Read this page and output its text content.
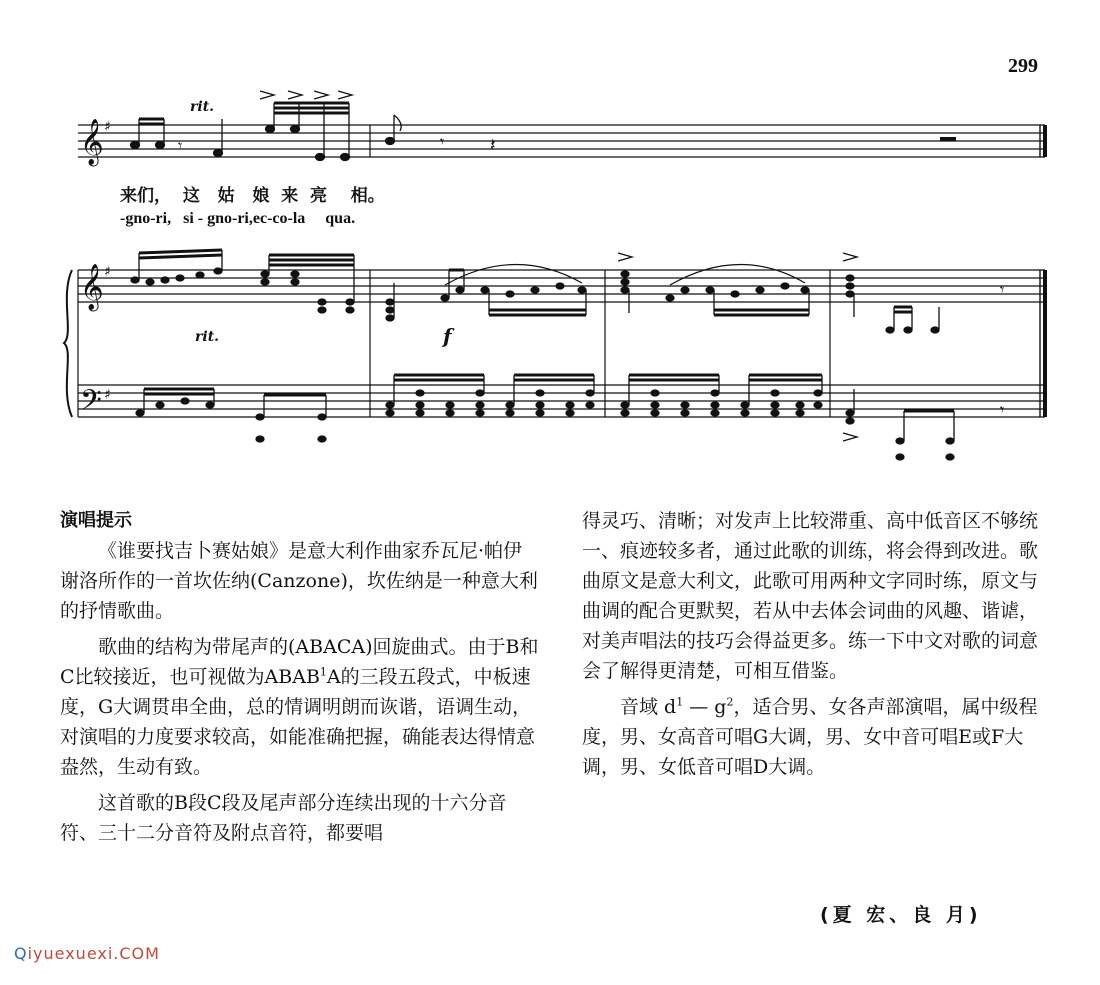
299
𝄞
𝄞
𝄢
♯
♯
♯
rit.
rit.	f
𝄾	𝄾	𝄽
𝄾
𝄾
来们，  这   姑   娘  来  亮    相。
-gno-ri,   si - gno-ri,ec-co-la     qua.
演唱提示

《谁要找吉卜赛姑娘》是意大利作曲家乔瓦尼·帕伊谢洛所作的一首坎佐纳(Canzone)，坎佐纳是一种意大利的抒情歌曲。

歌曲的结构为带尾声的(ABACA)回旋曲式。由于B和C比较接近，也可视做为ABAB$^1$A的三段五段式，中板速度，G大调贯串全曲，总的情调明朗而诙谐，语调生动，对演唱的力度要求较高，如能准确把握，确能表达得情意盎然，生动有致。

这首歌的B段C段及尾声部分连续出现的十六分音符、三十二分音符及附点音符，都要唱

得灵巧、清晰；对发声上比较滞重、高中低音区不够统一、痕迹较多者，通过此歌的训练，将会得到改进。歌曲原文是意大利文，此歌可用两种文字同时练，原文与曲调的配合更默契，若从中去体会词曲的风趣、谐谑，对美声唱法的技巧会得益更多。练一下中文对歌的词意会了解得更清楚，可相互借鉴。

音域 $d^1$ — $g^2$，适合男、女各声部演唱，属中级程度，男、女高音可唱G大调，男、女中音可唱E或F大调，男、女低音可唱D大调。

(夏 宏、良 月)
Qiyuexuexi.COM
